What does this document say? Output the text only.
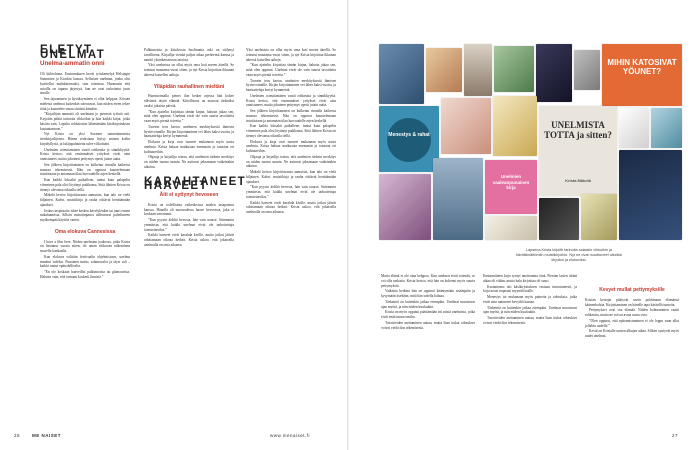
ELETYT UNELMAT
Unelma-ammatin onni

Oli hiihtoloma. Ensimmäinen kevät työskentelyä Helsingin Sanomien ja Kioskin kanssa. Sellaisen unelman, jonka olin kuvitellut mahdottomaksi, sain toteuttaa. Huomasin että asioilla on tapana järjestyä, kun ne ovat tarkoitetut juuri sinulle.

Sen tajuaminen ja hyväksyminen ei ollut helppoa. Kristan mielestä unelmat kuitenkin toteutuvat, kun niiden eteen tekee töitä ja kuuntelee omaa sisäistä ääntään.

”Kirjailijan ammatti oli unelmani jo pienestä tytöstä asti. Kirjoitin pitkiä tarinoita vihkoihin ja luin kaikki kirjat, jotka käsiini sain. Lopulta rohkaistuin lähettämään käsikirjoituksen kustantamoon.”

Nyt Krista on yksi Suomen tunnetuimmista tietokirjailijoista. Hänen teoksiaan löytyy monen kodin kirjahyllystä, ja lukijapalautetta tulee viikoittain.

Unelmien toteuttaminen vaatii rohkeutta ja sinnikkyyttä. Krista kertoo, että ensimmäiset yritykset eivät aina onnistuneet, mutta jokainen pettymys opetti jotain uutta.

Sen jälkeen kirjoittaminen on kulkenut rinnalla kaikessa muussa tekemisessä. Hän on oppinut kuuntelemaan intuitiotaan ja antamaan tilaa luovuudelle arjen keskellä.

Kun kaikki loksahti paikalleen, tuntui kuin palapelin viimeinen pala olisi löytänyt paikkansa. Siitä lähtien Krista on tiennyt olevansa oikealla tiellä.

Mäkelä kertoo kirjoittavansa aamuisin, kun talo on vielä hiljainen. Kahvi, muistikirja ja rauha riittävät herättämään ajatukset.

Joskus inspiraatio iskee kesken kävelylenkin tai juuri ennen nukahtamista. Silloin muistiinpanot tallentuvat puhelimeen myöhempää käyttöä varten.

Oma elokuva Cannesissa

I have a film here. Niiden unelmien joukossa, jotka Krista on listannut vuosia sitten, oli oman elokuvan näkeminen suurella kankaalla.

Kun elokuva valittiin festivaalin ohjelmistoon, unelma muuttui todeksi. Punainen matto, salamavalot ja täysi sali – kaikki tuntui epätodelliselta.

”En ole koskaan haaveillut palkinnoista tai glamourista. Halusin vain, että tarinani kosketti ihmisiä.”

Palkinnoista ja kiitoksista huolimatta arki on säilynyt tavallisena. Kirjailija viettää paljon aikaa perheensä kanssa ja nauttii yksinkertaisista asioista.

Yksi unelmista on ollut myös oma koti meren äärellä. Se toteutui muutama vuosi sitten, ja nyt Krista kirjoittaa ikkunan ääressä katsellen aaltoja.

Ylläpidän rauhallinen mieltäni

Huomioimalla pienet ilon hetket arjessa hän kokee elävänsä täyttä elämää. Kiitollisuus on noussut tärkeäksi osaksi jokaista päivää.

”Kun ajattelin kirjoittaa tämän kirjan, halusin jakaa sen, mitä olen oppinut. Unelmat eivät ole vain suuria tavoitteita vaan myös pieniä toiveita.”

Tuorein teos kertoo unelmien merkityksestä ihmisen hyvinvoinnille. Kirjan kirjoittaminen vei lähes kaksi vuotta, ja haastatteluja kertyi kymmeniä.

Elokuva ja kirja ovat tuoneet mukanaan myös uusia unelmia. Krista haluaa matkustaa enemmän ja tutustua eri kulttuureihin.

Ohjaaja ja kirjailija toteaa, että unelmien tärkein merkitys on niiden tuoma suunta. Ne auttavat jaksamaan vaikeinakin aikoina.

KARAHTANEET HAAVEET
Äiti ei syttynyt hevoseen

Krista on todellisena vaikeuksissa mielen tasapainon kanssa. Hänellä oli nuoruudessa haave hevosesta, joka ei koskaan toteutunut.

”Kun pyysin äidiltä hevosta, hän vain nauroi. Sittemmin ymmärsin, että kaikki unelmat eivät ole tarkoitettuja toteutettaviksi.”

Kaikki haaveet eivät karahda kiville, mutta jotkut jäävät odottamaan oikeaa hetkeä. Krista uskoo, että jokaisella unelmalla on oma aikansa.

Yksi unelmista on ollut myös oma koti meren äärellä. Se toteutui muutama vuosi sitten, ja nyt Krista kirjoittaa ikkunan ääressä katsellen aaltoja.

”Kun ajattelin kirjoittaa tämän kirjan, halusin jakaa sen, mitä olen oppinut. Unelmat eivät ole vain suuria tavoitteita vaan myös pieniä toiveita.”

Tuorein teos kertoo unelmien merkityksestä ihmisen hyvinvoinnille. Kirjan kirjoittaminen vei lähes kaksi vuotta, ja haastatteluja kertyi kymmeniä.

Unelmien toteuttaminen vaatii rohkeutta ja sinnikkyyttä. Krista kertoo, että ensimmäiset yritykset eivät aina onnistuneet, mutta jokainen pettymys opetti jotain uutta.

Sen jälkeen kirjoittaminen on kulkenut rinnalla kaikessa muussa tekemisessä. Hän on oppinut kuuntelemaan intuitiotaan ja antamaan tilaa luovuudelle arjen keskellä.

Kun kaikki loksahti paikalleen, tuntui kuin palapelin viimeinen pala olisi löytänyt paikkansa. Siitä lähtien Krista on tiennyt olevansa oikealla tiellä.

Elokuva ja kirja ovat tuoneet mukanaan myös uusia unelmia. Krista haluaa matkustaa enemmän ja tutustua eri kulttuureihin.

Ohjaaja ja kirjailija toteaa, että unelmien tärkein merkitys on niiden tuoma suunta. Ne auttavat jaksamaan vaikeinakin aikoina.

Mäkelä kertoo kirjoittavansa aamuisin, kun talo on vielä hiljainen. Kahvi, muistikirja ja rauha riittävät herättämään ajatukset.

”Kun pyysin äidiltä hevosta, hän vain nauroi. Sittemmin ymmärsin, että kaikki unelmat eivät ole tarkoitettuja toteutettaviksi.”

Kaikki haaveet eivät karahda kiville, mutta jotkut jäävät odottamaan oikeaa hetkeä. Krista uskoo, että jokaisella unelmalla on oma aikansa.

MIHIN KATOSIVAT YÖUNET?
Menestys & rahat
UNELMISTA TOTTA ja sitten?
Krista Mäkelä
Unelmien vaaleanpunainen kirja
Lapsena Krista kirjoitti tarinoita salaisiin vihkoihin ja hävittämättömiin muistikirjoihin. Nyt ne ovat muuttuneet oikeiksi kirjoiksi ja elokuviksi.

Mutta elämä ei ole aina helppoa. Kun unelmat eivät toteudu, se voi olla raskasta. Krista kertoo, että hän on kokenut myös suuria pettymyksiä.

Vaikeina hetkinä hän on oppinut kääntymään sisäänpäin ja kysymään itseltään, mitä hän todella haluaa.

Tärkeintä on kuitenkin jatkaa eteenpäin. Unelmat muuttuvat ajan myötä, ja niin niiden kuuluukin.

Krista on myös oppinut päästämään irti niistä unelmista, jotka eivät enää tunnu omilta.

Tavoitteiden asettaminen auttaa, mutta liian tiukat odotukset voivat viedä ilon tekemisestä.

Ensimmäinen kirja syntyi unettomina öinä. Pienten lasten äitinä aikaa oli vähän, mutta halu kirjoittaa oli suuri.

Kustantamo otti käsikirjoituksen vastaan innostuneesti, ja kirja nousi nopeasti myyntilistoille.

Menestys toi mukanaan myös paineita ja odotuksia, jotka eivät aina tuntuneet kevyiltä kantaa.

Tärkeintä on kuitenkin jatkaa eteenpäin. Unelmat muuttuvat ajan myötä, ja niin niiden kuuluukin.

Tavoitteiden asettaminen auttaa, mutta liian tiukat odotukset voivat viedä ilon tekemisestä.

Kevyet mullat pettymyksille

Kristan kertojat päätyvät usein pohtimaan elämänsä käännekohtia. Kirjoittaminen on hänelle tapa käsitellä tunteita.

Pettymykset ovat osa elämää. Niiden kohtaaminen vaatii rohkeutta, mutta ne voivat avata uusia ovia.

”Olen oppinut, että epäonnistuminen ei ole loppu vaan alku jollekin uudelle.”

Kevät on Kristalle uusien alkujen aikaa. Silloin syntyvät myös uudet unelmat.

26	ME NAISET	www.menaiset.fi	27
